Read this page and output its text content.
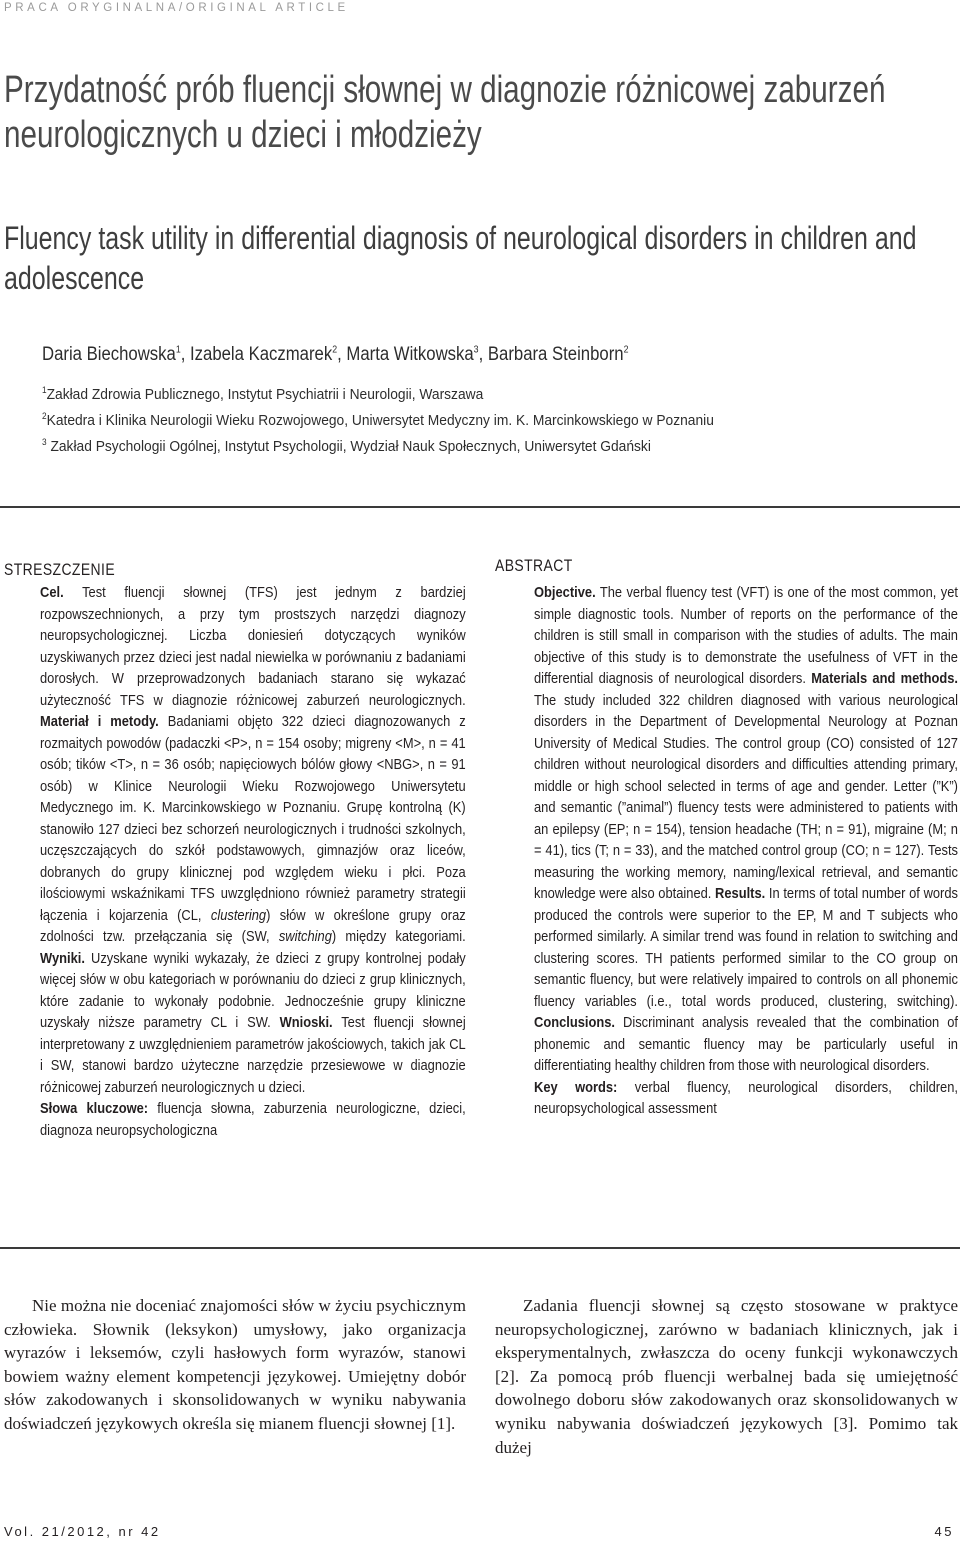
PRACA ORYGINALNA/ORIGINAL ARTICLE
Przydatność prób fluencji słownej w diagnozie różnicowej zaburzeń neurologicznych u dzieci i młodzieży
Fluency task utility in differential diagnosis of neurological disorders in children and adolescence
Daria Biechowska$^1$, Izabela Kaczmarek$^2$, Marta Witkowska$^3$, Barbara Steinborn$^2$
$^1$Zakład Zdrowia Publicznego, Instytut Psychiatrii i Neurologii, Warszawa
$^2$Katedra i Klinika Neurologii Wieku Rozwojowego, Uniwersytet Medyczny im. K. Marcinkowskiego w Poznaniu
$^3$ Zakład Psychologii Ogólnej, Instytut Psychologii, Wydział Nauk Społecznych, Uniwersytet Gdański
STRESZCZENIE
Cel. Test fluencji słownej (TFS) jest jednym z bardziej rozpowszechnionych, a przy tym prostszych narzędzi diagnozy neuropsychologicznej. Liczba doniesień dotyczących wyników uzyskiwanych przez dzieci jest nadal niewielka w porównaniu z badaniami dorosłych. W przeprowadzonych badaniach starano się wykazać użyteczność TFS w diagnozie różnicowej zaburzeń neurologicznych. Materiał i metody. Badaniami objęto 322 dzieci diagnozowanych z rozmaitych powodów (padaczki <P>, n = 154 osoby; migreny <M>, n = 41 osób; tików <T>, n = 36 osób; napięciowych bólów głowy <NBG>, n = 91 osób) w Klinice Neurologii Wieku Rozwojowego Uniwersytetu Medycznego im. K. Marcinkowskiego w Poznaniu. Grupę kontrolną (K) stanowiło 127 dzieci bez schorzeń neurologicznych i trudności szkolnych, uczęszczających do szkół podstawowych, gimnazjów oraz liceów, dobranych do grupy klinicznej pod względem wieku i płci. Poza ilościowymi wskaźnikami TFS uwzględniono również parametry strategii łączenia i kojarzenia (CL, clustering) słów w określone grupy oraz zdolności tzw. przełączania się (SW, switching) między kategoriami. Wyniki. Uzyskane wyniki wykazały, że dzieci z grupy kontrolnej podały więcej słów w obu kategoriach w porównaniu do dzieci z grup klinicznych, które zadanie to wykonały podobnie. Jednocześnie grupy kliniczne uzyskały niższe parametry CL i SW. Wnioski. Test fluencji słownej interpretowany z uwzględnieniem parametrów jakościowych, takich jak CL i SW, stanowi bardzo użyteczne narzędzie przesiewowe w diagnozie różnicowej zaburzeń neurologicznych u dzieci.
Słowa kluczowe: fluencja słowna, zaburzenia neurologiczne, dzieci, diagnoza neuropsychologiczna
ABSTRACT
Objective. The verbal fluency test (VFT) is one of the most common, yet simple diagnostic tools. Number of reports on the performance of the children is still small in comparison with the studies of adults. The main objective of this study is to demonstrate the usefulness of VFT in the differential diagnosis of neurological disorders. Materials and methods. The study included 322 children diagnosed with various neurological disorders in the Department of Developmental Neurology at Poznan University of Medical Studies. The control group (CO) consisted of 127 children without neurological disorders and difficulties attending primary, middle or high school selected in terms of age and gender. Letter (”K”) and semantic (”animal”) fluency tests were administered to patients with an epilepsy (EP; n = 154), tension headache (TH; n = 91), migraine (M; n = 41), tics (T; n = 33), and the matched control group (CO; n = 127). Tests measuring the working memory, naming/lexical retrieval, and semantic knowledge were also obtained. Results. In terms of total number of words produced the controls were superior to the EP, M and T subjects who performed similarly. A similar trend was found in relation to switching and clustering scores. TH patients performed similar to the CO group on semantic fluency, but were relatively impaired to controls on all phonemic fluency variables (i.e., total words produced, clustering, switching). Conclusions. Discriminant analysis revealed that the combination of phonemic and semantic fluency may be particularly useful in differentiating healthy children from those with neurological disorders.
Key words: verbal fluency, neurological disorders, children, neuropsychological assessment
Nie można nie doceniać znajomości słów w życiu psychicznym człowieka. Słownik (leksykon) umysłowy, jako organizacja wyrazów i leksemów, czyli hasłowych form wyrazów, stanowi bowiem ważny element kompetencji językowej. Umiejętny dobór słów zakodowanych i skonsolidowanych w wyniku nabywania doświadczeń językowych określa się mianem fluencji słownej [1].
Zadania fluencji słownej są często stosowane w praktyce neuropsychologicznej, zarówno w badaniach klinicznych, jak i eksperymentalnych, zwłaszcza do oceny funkcji wykonawczych [2]. Za pomocą prób fluencji werbalnej bada się umiejętność dowolnego doboru słów zakodowanych oraz skonsolidowanych w wyniku nabywania doświadczeń językowych [3]. Pomimo tak dużej
Vol. 21/2012, nr 42	45
